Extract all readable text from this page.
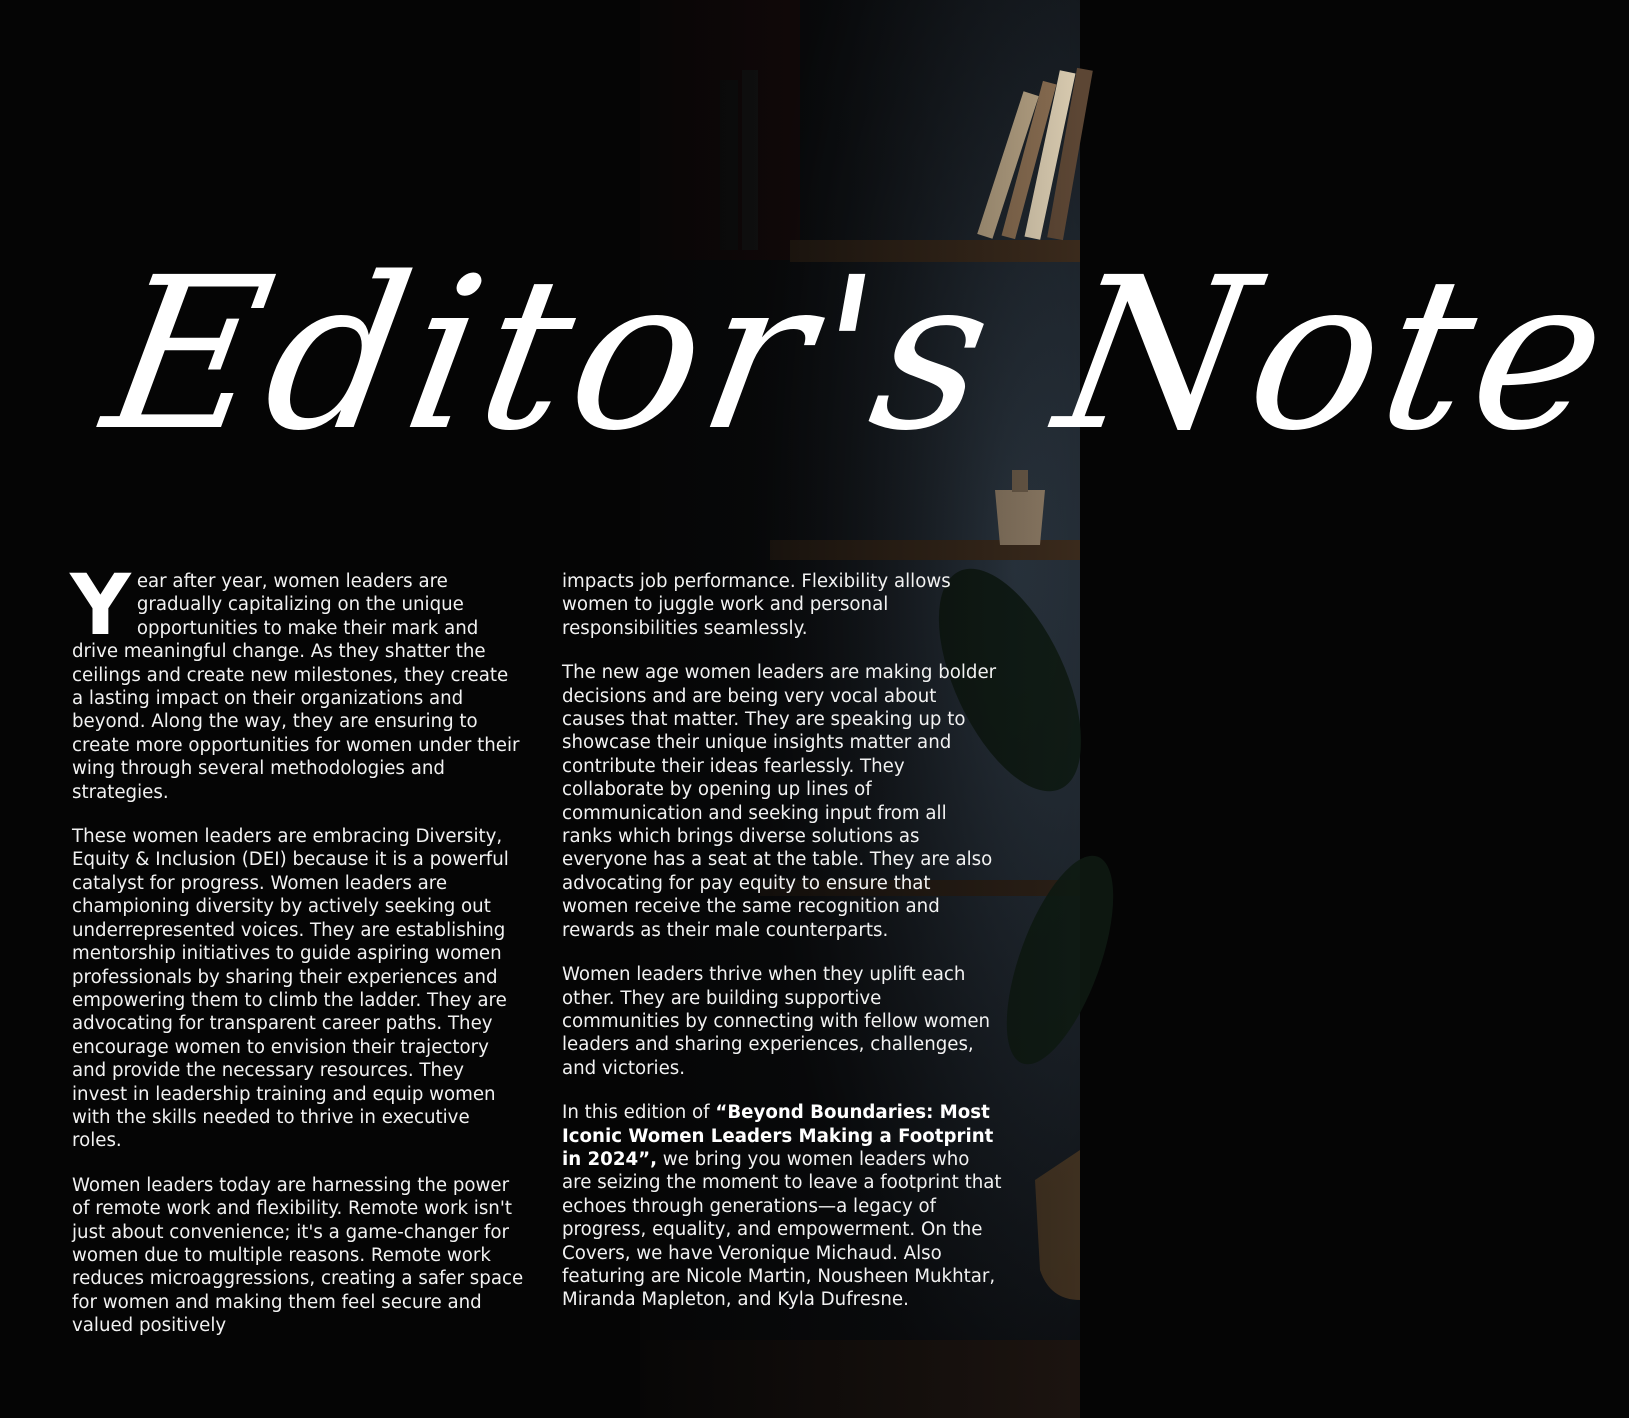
Editor's Note

Year after year, women leaders are gradually capitalizing on the unique opportunities to make their mark and drive meaningful change. As they shatter the ceilings and create new milestones, they create a lasting impact on their organizations and beyond. Along the way, they are ensuring to create more opportunities for women under their wing through several methodologies and strategies.

These women leaders are embracing Diversity, Equity & Inclusion (DEI) because it is a powerful catalyst for progress. Women leaders are championing diversity by actively seeking out underrepresented voices. They are establishing mentorship initiatives to guide aspiring women professionals by sharing their experiences and empowering them to climb the ladder. They are advocating for transparent career paths. They encourage women to envision their trajectory and provide the necessary resources. They invest in leadership training and equip women with the skills needed to thrive in executive roles.

Women leaders today are harnessing the power of remote work and flexibility. Remote work isn't just about convenience; it's a game-changer for women due to multiple reasons. Remote work reduces microaggressions, creating a safer space for women and making them feel secure and valued positively

impacts job performance. Flexibility allows women to juggle work and personal responsibilities seamlessly.

The new age women leaders are making bolder decisions and are being very vocal about causes that matter. They are speaking up to showcase their unique insights matter and contribute their ideas fearlessly. They collaborate by opening up lines of communication and seeking input from all ranks which brings diverse solutions as everyone has a seat at the table. They are also advocating for pay equity to ensure that women receive the same recognition and rewards as their male counterparts.

Women leaders thrive when they uplift each other. They are building supportive communities by connecting with fellow women leaders and sharing experiences, challenges, and victories.

In this edition of “Beyond Boundaries: Most Iconic Women Leaders Making a Footprint in 2024”, we bring you women leaders who are seizing the moment to leave a footprint that echoes through generations—a legacy of progress, equality, and empowerment. On the Covers, we have Veronique Michaud. Also featuring are Nicole Martin, Nousheen Mukhtar, Miranda Mapleton, and Kyla Dufresne.
